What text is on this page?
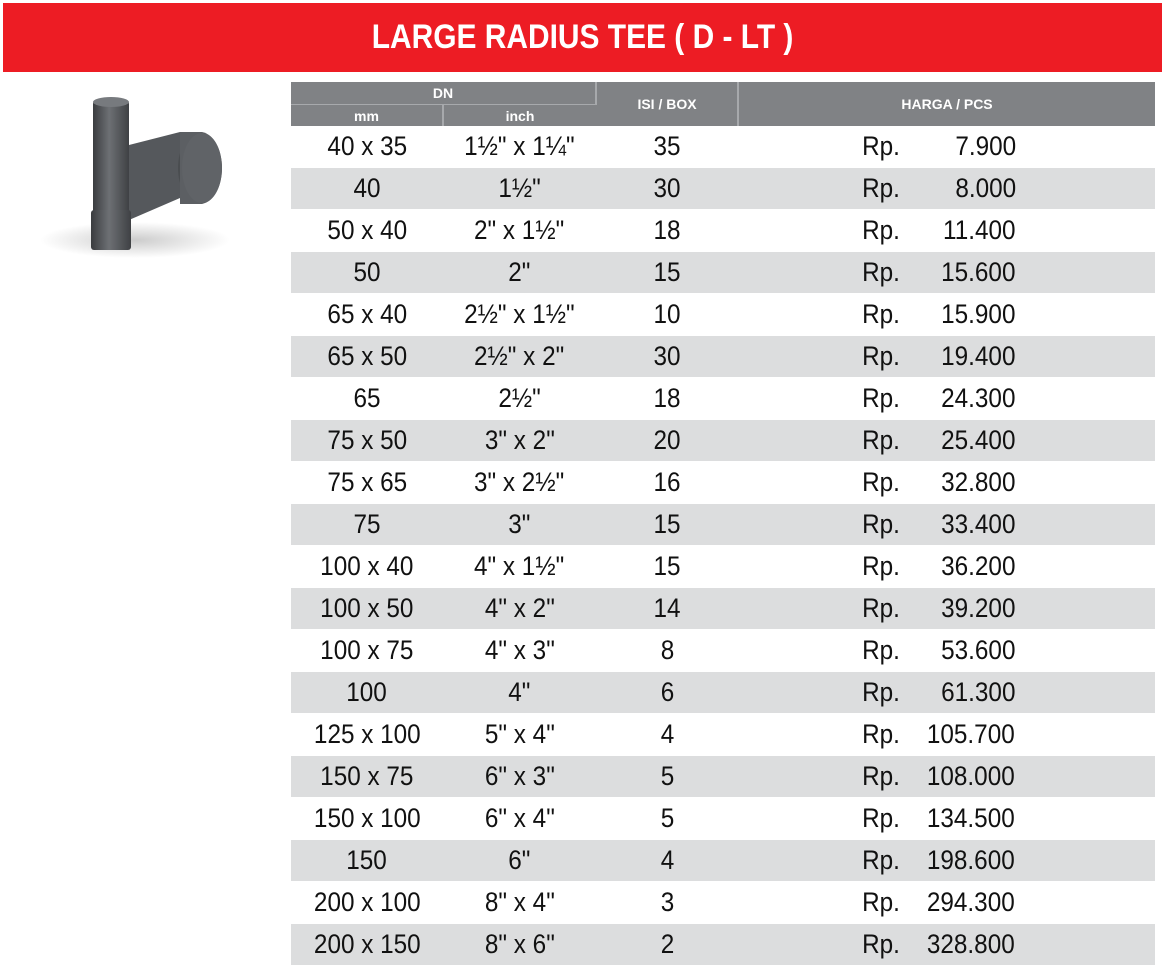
LARGE RADIUS TEE ( D - LT )
DN		ISI / BOX	HARGA / PCS
mm	inch		
40 x 35	1½" x 1¼"	35	Rp. 7.900

40	1½"	30	Rp. 8.000

50 x 40	2" x 1½"	18	Rp. 11.400

50	2"	15	Rp. 15.600

65 x 40	2½" x 1½"	10	Rp. 15.900

65 x 50	2½" x 2"	30	Rp. 19.400

65	2½"	18	Rp. 24.300

75 x 50	3" x 2"	20	Rp. 25.400

75 x 65	3" x 2½"	16	Rp. 32.800

75	3"	15	Rp. 33.400

100 x 40	4" x 1½"	15	Rp. 36.200

100 x 50	4" x 2"	14	Rp. 39.200

100 x 75	4" x 3"	8	Rp. 53.600

100	4"	6	Rp. 61.300

125 x 100	5" x 4"	4	Rp. 105.700

150 x 75	6" x 3"	5	Rp. 108.000

150 x 100	6" x 4"	5	Rp. 134.500

150	6"	4	Rp. 198.600

200 x 100	8" x 4"	3	Rp. 294.300

200 x 150	8" x 6"	2	Rp. 328.800
